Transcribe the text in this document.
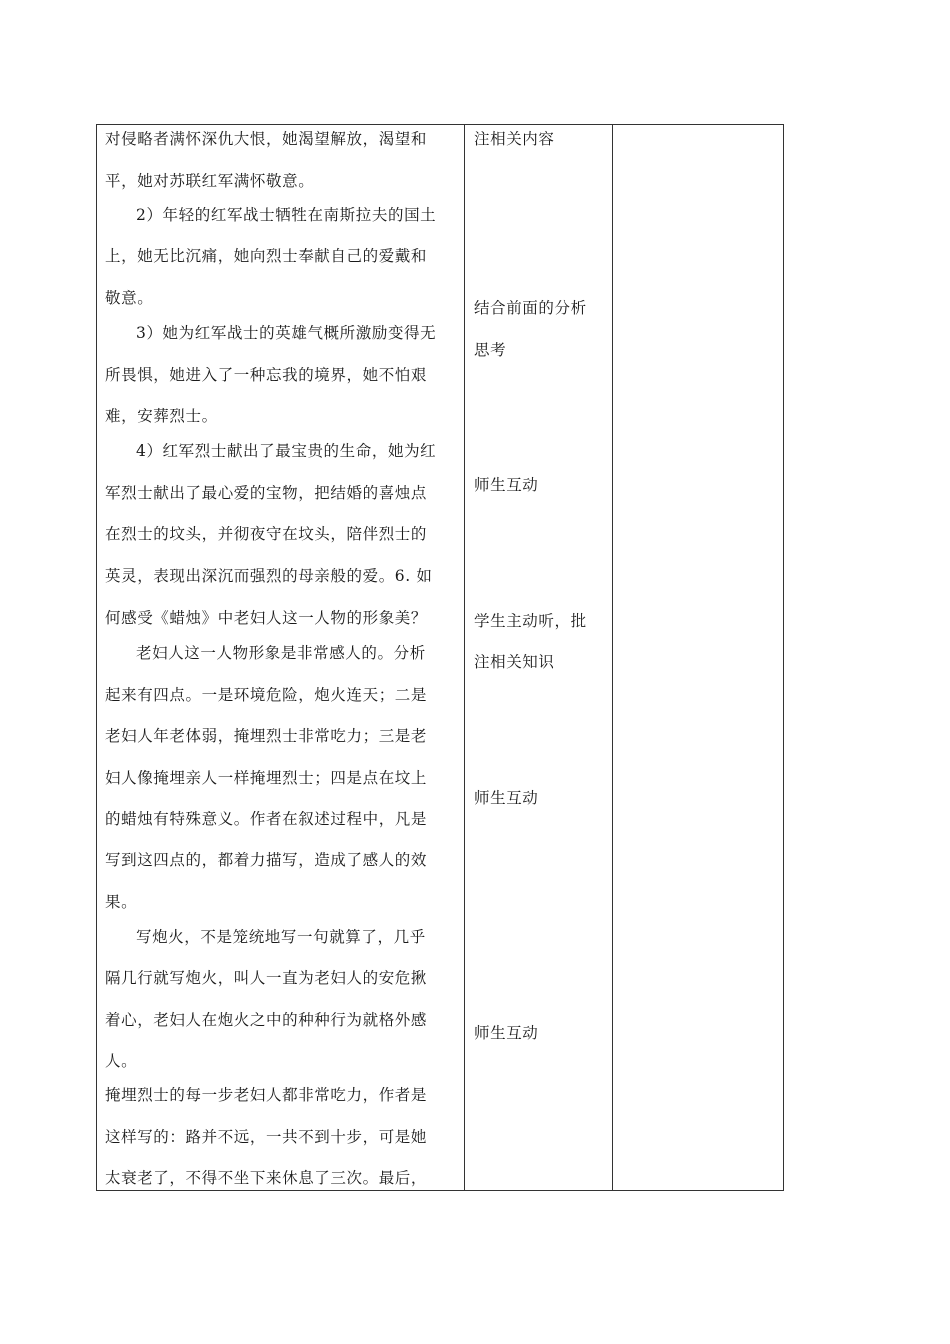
对侵略者满怀深仇大恨，她渴望解放，渴望和
平，她对苏联红军满怀敬意。
2）年轻的红军战士牺牲在南斯拉夫的国土
上，她无比沉痛，她向烈士奉献自己的爱戴和
敬意。
3）她为红军战士的英雄气概所激励变得无
所畏惧，她进入了一种忘我的境界，她不怕艰
难，安葬烈士。
4）红军烈士献出了最宝贵的生命，她为红
军烈士献出了最心爱的宝物，把结婚的喜烛点
在烈士的坟头，并彻夜守在坟头，陪伴烈士的
英灵，表现出深沉而强烈的母亲般的爱。6. 如
何感受《蜡烛》中老妇人这一人物的形象美？
老妇人这一人物形象是非常感人的。分析
起来有四点。一是环境危险，炮火连天；二是
老妇人年老体弱，掩埋烈士非常吃力；三是老
妇人像掩埋亲人一样掩埋烈士；四是点在坟上
的蜡烛有特殊意义。作者在叙述过程中，凡是
写到这四点的，都着力描写，造成了感人的效
果。
写炮火，不是笼统地写一句就算了，几乎
隔几行就写炮火，叫人一直为老妇人的安危揪
着心，老妇人在炮火之中的种种行为就格外感
人。
掩埋烈士的每一步老妇人都非常吃力，作者是
这样写的：路并不远，一共不到十步，可是她
太衰老了，不得不坐下来休息了三次。最后，
注相关内容
结合前面的分析
思考
师生互动
学生主动听，批
注相关知识
师生互动
师生互动
